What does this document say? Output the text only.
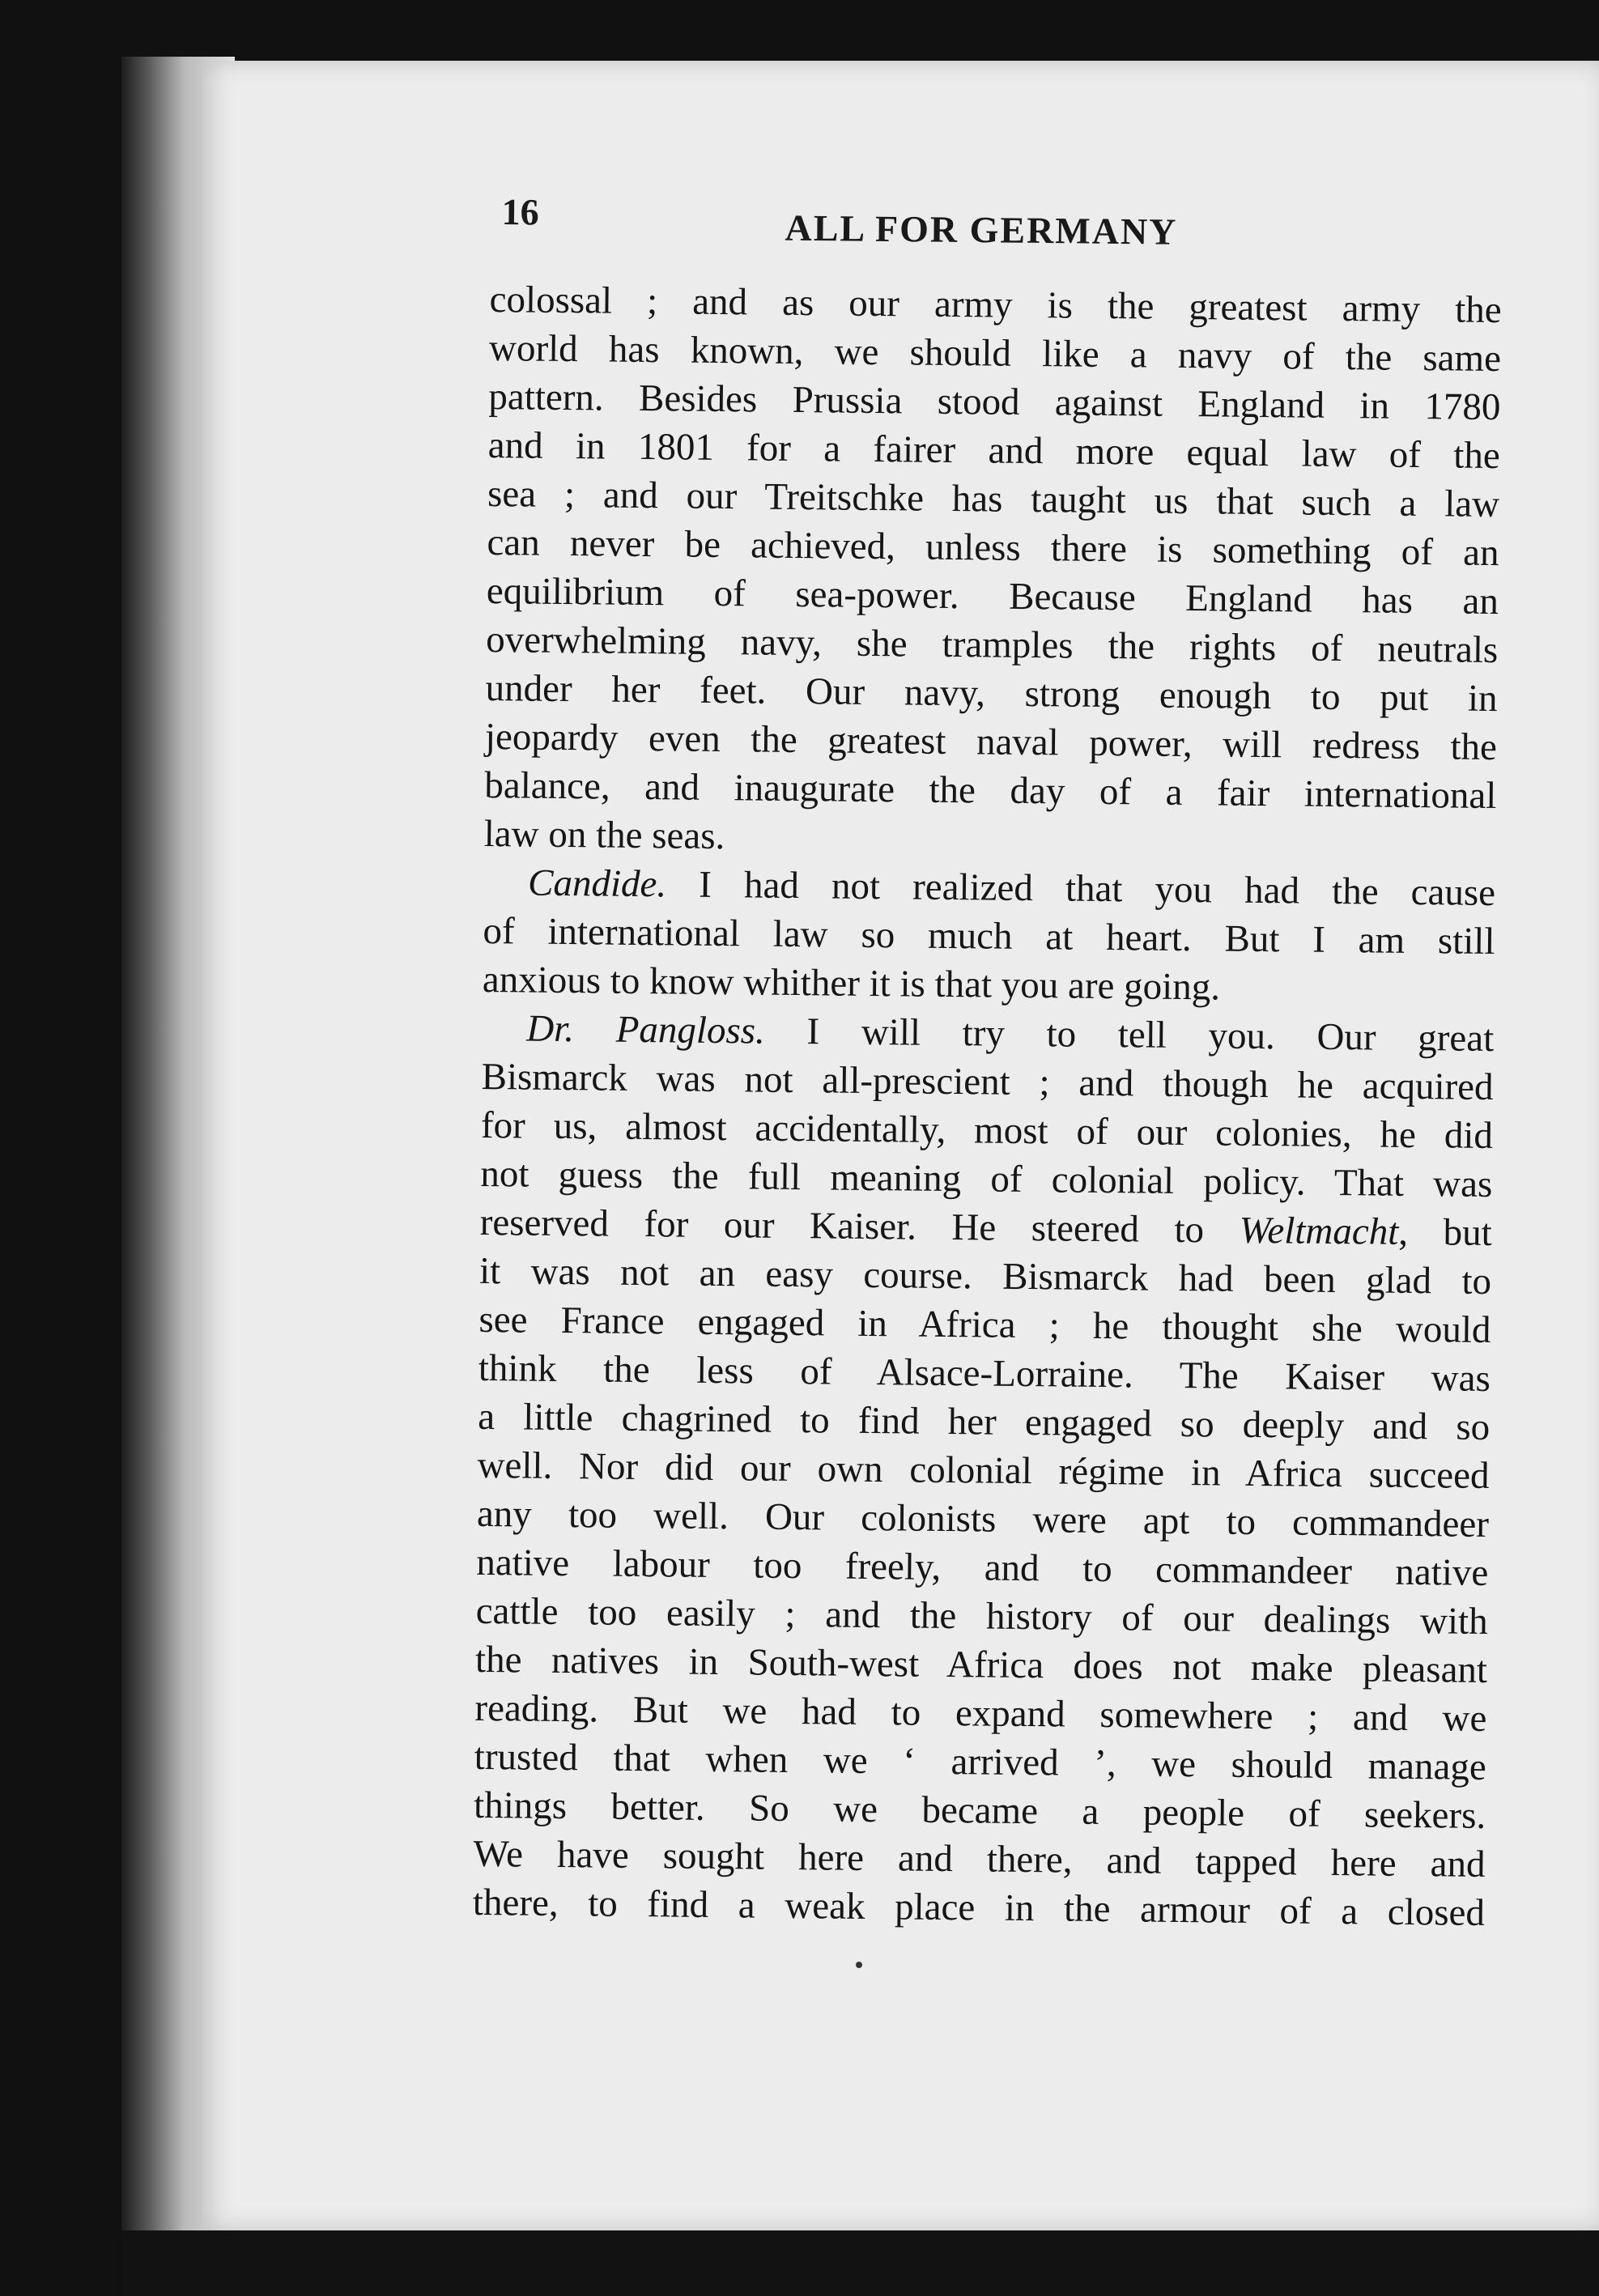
16	ALL FOR GERMANY
colossal ; and as our army is the greatest army the
world has known, we should like a navy of the same
pattern. Besides Prussia stood against England in 1780
and in 1801 for a fairer and more equal law of the
sea ; and our Treitschke has taught us that such a law
can never be achieved, unless there is something of an
equilibrium of sea-power. Because England has an
overwhelming navy, she tramples the rights of neutrals
under her feet. Our navy, strong enough to put in
jeopardy even the greatest naval power, will redress the
balance, and inaugurate the day of a fair international
law on the seas.
Candide. I had not realized that you had the cause
of international law so much at heart. But I am still
anxious to know whither it is that you are going.
Dr. Pangloss. I will try to tell you. Our great
Bismarck was not all-prescient ; and though he acquired
for us, almost accidentally, most of our colonies, he did
not guess the full meaning of colonial policy. That was
reserved for our Kaiser. He steered to Weltmacht, but
it was not an easy course. Bismarck had been glad to
see France engaged in Africa ; he thought she would
think the less of Alsace-Lorraine. The Kaiser was
a little chagrined to find her engaged so deeply and so
well. Nor did our own colonial régime in Africa succeed
any too well. Our colonists were apt to commandeer
native labour too freely, and to commandeer native
cattle too easily ; and the history of our dealings with
the natives in South-west Africa does not make pleasant
reading. But we had to expand somewhere ; and we
trusted that when we ‘ arrived ’, we should manage
things better. So we became a people of seekers.
We have sought here and there, and tapped here and
there, to find a weak place in the armour of a closed
